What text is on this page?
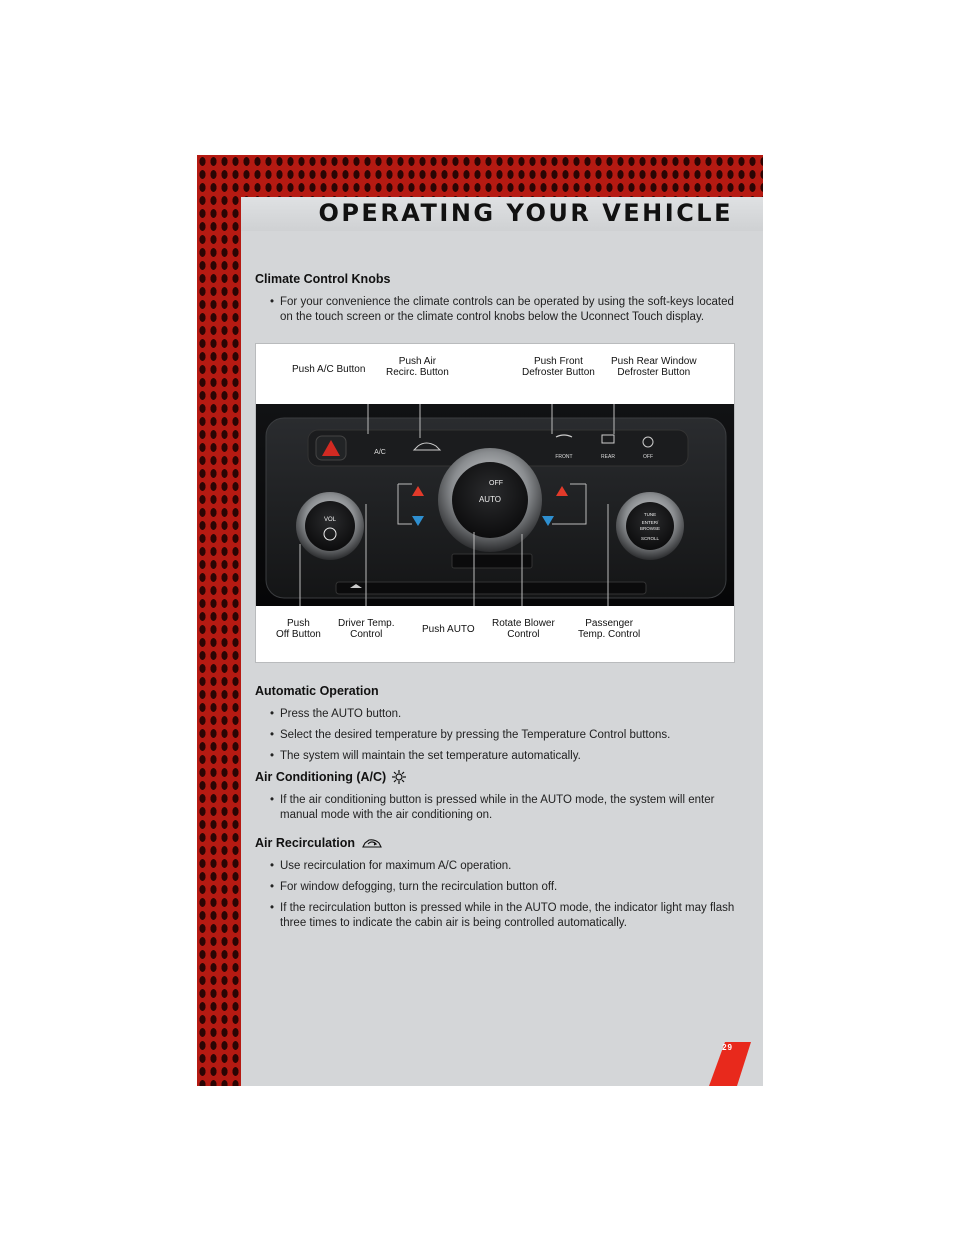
OPERATING YOUR VEHICLE
Climate Control Knobs
• For your convenience the climate controls can be operated by using the soft-keys located on the touch screen or the climate control knobs below the Uconnect Touch display.
Push A/C Button
Push Air
Recirc. Button
Push Front
Defroster Button
Push Rear Window
Defroster Button
A/C
FRONT	REAR	OFF
VOL
OFF
AUTO
TUNE
ENTER/
BROWSE
SCROLL
Push
Off Button
Driver Temp.
Control	Push AUTO
Rotate Blower
Control
Passenger
Temp. Control
Automatic Operation
• Press the AUTO button.
• Select the desired temperature by pressing the Temperature Control buttons.
• The system will maintain the set temperature automatically.
Air Conditioning (A/C)
• If the air conditioning button is pressed while in the AUTO mode, the system will enter manual mode with the air conditioning on.
Air Recirculation
• Use recirculation for maximum A/C operation.
• For window defogging, turn the recirculation button off.
• If the recirculation button is pressed while in the AUTO mode, the indicator light may flash three times to indicate the cabin air is being controlled automatically.
29
